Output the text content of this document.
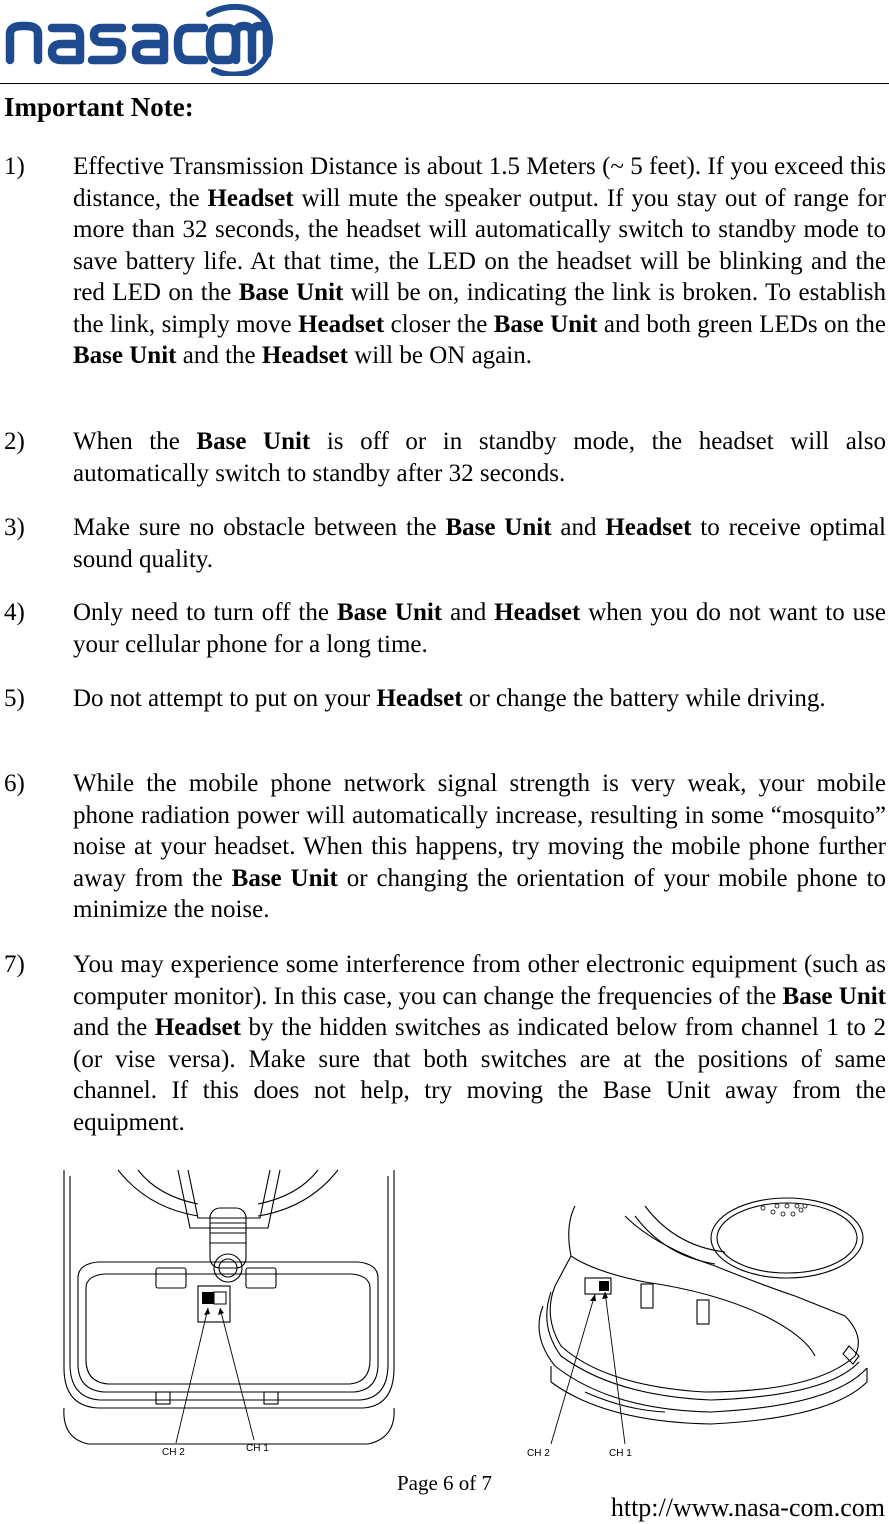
Important Note:
1) Effective Transmission Distance is about 1.5 Meters (~ 5 feet). If you exceed this distance, the Headset will mute the speaker output. If you stay out of range for more than 32 seconds, the headset will automatically switch to standby mode to save battery life. At that time, the LED on the headset will be blinking and the red LED on the Base Unit will be on, indicating the link is broken. To establish the link, simply move Headset closer the Base Unit and both green LEDs on the Base Unit and the Headset will be ON again.
2) When the Base Unit is off or in standby mode, the headset will also automatically switch to standby after 32 seconds.
3) Make sure no obstacle between the Base Unit and Headset to receive optimal sound quality.
4) Only need to turn off the Base Unit and Headset when you do not want to use your cellular phone for a long time.
5) Do not attempt to put on your Headset or change the battery while driving.
6) While the mobile phone network signal strength is very weak, your mobile phone radiation power will automatically increase, resulting in some “mosquito” noise at your headset. When this happens, try moving the mobile phone further away from the Base Unit or changing the orientation of your mobile phone to minimize the noise.
7) You may experience some interference from other electronic equipment (such as computer monitor). In this case, you can change the frequencies of the Base Unit and the Headset by the hidden switches as indicated below from channel 1 to 2 (or vise versa). Make sure that both switches are at the positions of same channel. If this does not help, try moving the Base Unit away from the equipment.
CH 2	CH 1	CH 2	CH 1
Page 6 of 7
http://www.nasa-com.com
